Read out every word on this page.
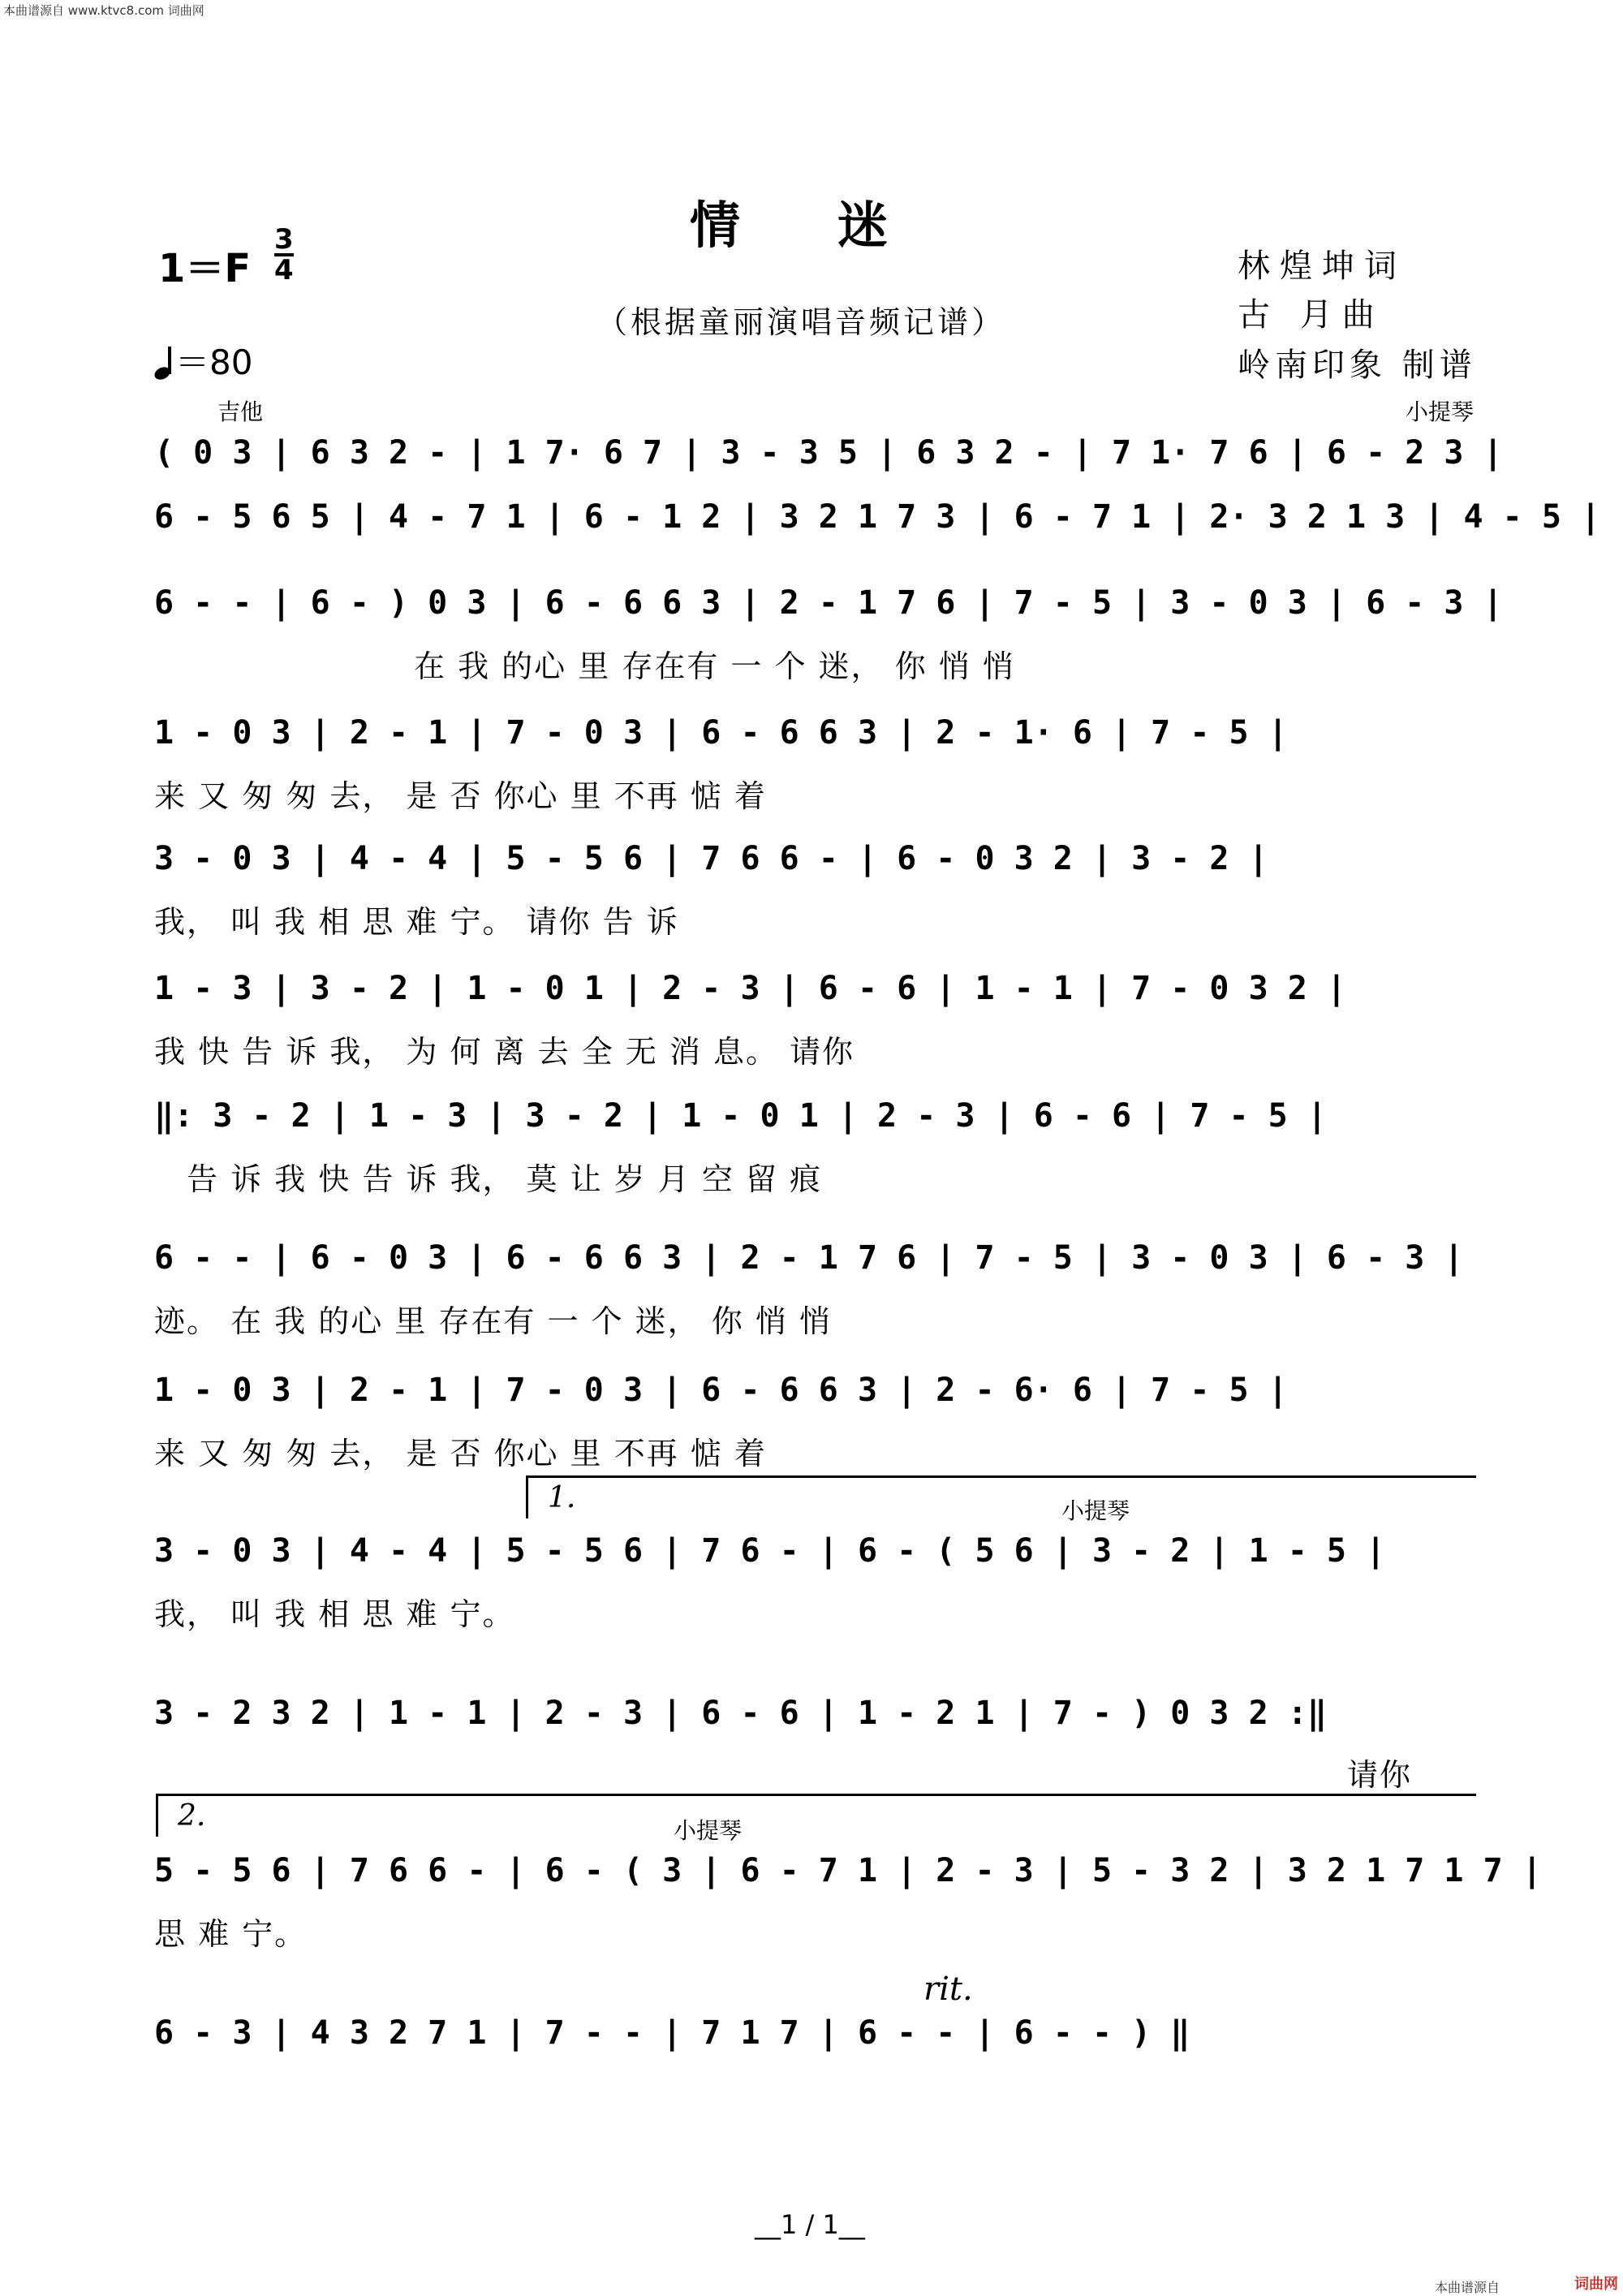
本曲谱源自 www.ktvc8.com 词曲网
情迷
1＝F
3
4
（根据童丽演唱音频记谱）
＝80
林煌坤词
古 月曲
岭南印象 制谱
吉他	小提琴
( 0 3 | 6 3 2 - | 1 7· 6 7 | 3 - 3 5 | 6 3 2 - | 7 1· 7 6 | 6 - 2 3 |
6 - 5 6 5 | 4 - 7 1 | 6 - 1 2 | 3 2 1 7 3 | 6 - 7 1 | 2· 3 2 1 3 | 4 - 5 |
6 - - | 6 - ) 0 3 | 6 - 6 6 3 | 2 - 1 7 6 | 7 - 5 | 3 - 0 3 | 6 - 3 |
在 我 的心 里 存在有 一 个 迷， 你 悄 悄
1 - 0 3 | 2 - 1 | 7 - 0 3 | 6 - 6 6 3 | 2 - 1· 6 | 7 - 5 |
来 又 匆 匆 去， 是 否 你心 里 不再 惦 着
3 - 0 3 | 4 - 4 | 5 - 5 6 | 7 6 6 - | 6 - 0 3 2 | 3 - 2 |
我， 叫 我 相 思 难 宁。 请你 告 诉
1 - 3 | 3 - 2 | 1 - 0 1 | 2 - 3 | 6 - 6 | 1 - 1 | 7 - 0 3 2 |
我 快 告 诉 我， 为 何 离 去 全 无 消 息。 请你
‖: 3 - 2 | 1 - 3 | 3 - 2 | 1 - 0 1 | 2 - 3 | 6 - 6 | 7 - 5 |
告 诉 我 快 告 诉 我， 莫 让 岁 月 空 留 痕
6 - - | 6 - 0 3 | 6 - 6 6 3 | 2 - 1 7 6 | 7 - 5 | 3 - 0 3 | 6 - 3 |
迹。 在 我 的心 里 存在有 一 个 迷， 你 悄 悄
1 - 0 3 | 2 - 1 | 7 - 0 3 | 6 - 6 6 3 | 2 - 6· 6 | 7 - 5 |
来 又 匆 匆 去， 是 否 你心 里 不再 惦 着
1.	小提琴
3 - 0 3 | 4 - 4 | 5 - 5 6 | 7 6 - | 6 - ( 5 6 | 3 - 2 | 1 - 5 |
我， 叫 我 相 思 难 宁。
3 - 2 3 2 | 1 - 1 | 2 - 3 | 6 - 6 | 1 - 2 1 | 7 - ) 0 3 2 :‖
请你
2.	小提琴
5 - 5 6 | 7 6 6 - | 6 - ( 3 | 6 - 7 1 | 2 - 3 | 5 - 3 2 | 3 2 1 7 1 7 |
思 难 宁。
rit.
6 - 3 | 4 3 2 7 1 | 7 - - | 7 1 7 | 6 - - | 6 - - ) ‖
__1 / 1__
本曲谱源自	词曲网
